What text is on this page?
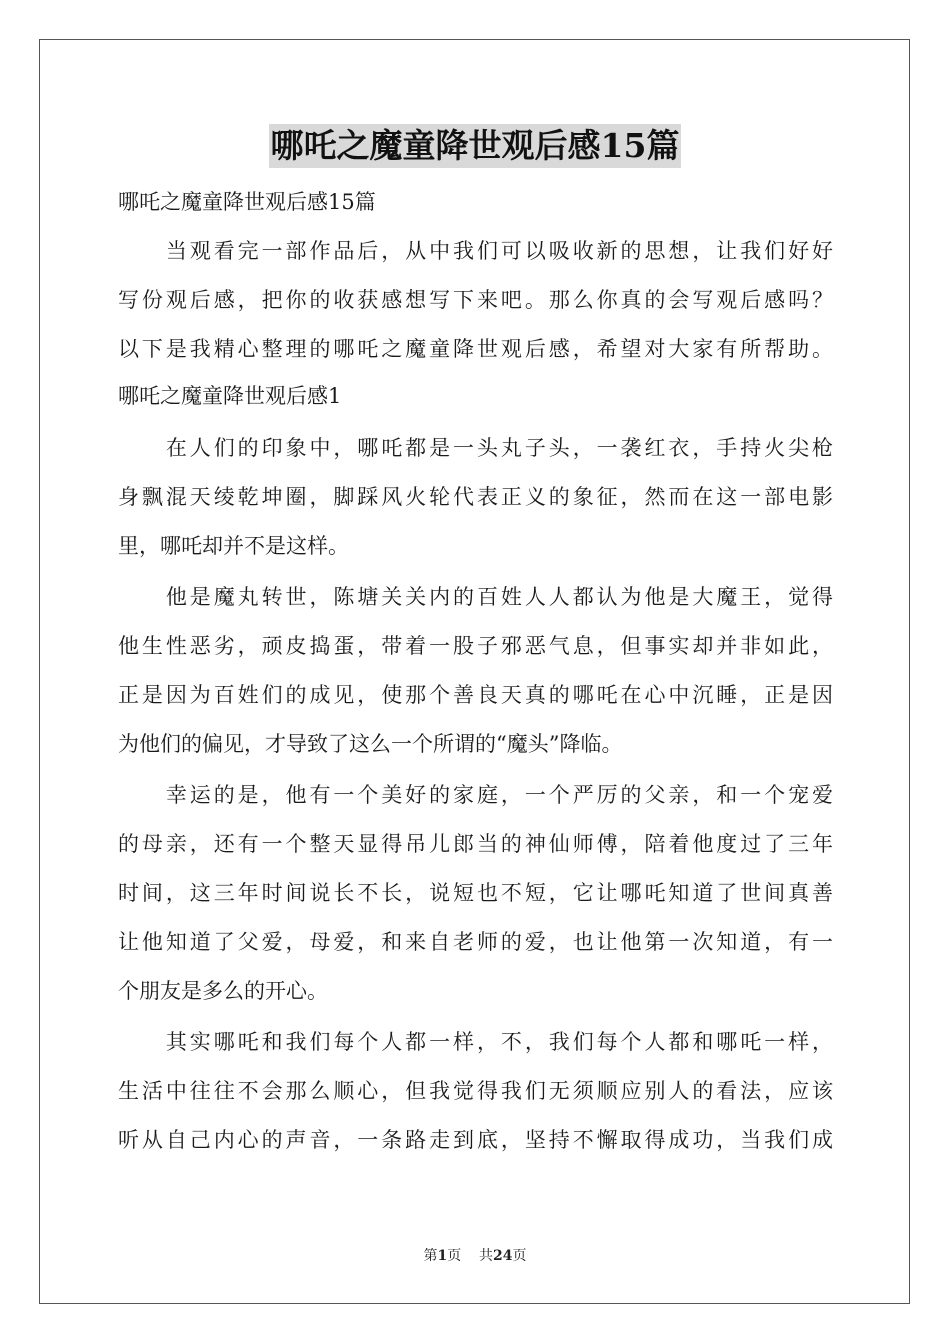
哪吒之魔童降世观后感15篇
哪吒之魔童降世观后感15篇
　　当观看完一部作品后，从中我们可以吸收新的思想，让我们好好
写份观后感，把你的收获感想写下来吧。那么你真的会写观后感吗？
以下是我精心整理的哪吒之魔童降世观后感，希望对大家有所帮助。
哪吒之魔童降世观后感1
　　在人们的印象中，哪吒都是一头丸子头，一袭红衣，手持火尖枪
身飘混天绫乾坤圈，脚踩风火轮代表正义的象征，然而在这一部电影
里，哪吒却并不是这样。
　　他是魔丸转世，陈塘关关内的百姓人人都认为他是大魔王，觉得
他生性恶劣，顽皮捣蛋，带着一股子邪恶气息，但事实却并非如此，
正是因为百姓们的成见，使那个善良天真的哪吒在心中沉睡，正是因
为他们的偏见，才导致了这么一个所谓的“魔头”降临。
　　幸运的是，他有一个美好的家庭，一个严厉的父亲，和一个宠爱
的母亲，还有一个整天显得吊儿郎当的神仙师傅，陪着他度过了三年
时间，这三年时间说长不长，说短也不短，它让哪吒知道了世间真善
让他知道了父爱，母爱，和来自老师的爱，也让他第一次知道，有一
个朋友是多么的开心。
　　其实哪吒和我们每个人都一样，不，我们每个人都和哪吒一样，
生活中往往不会那么顺心，但我觉得我们无须顺应别人的看法，应该
听从自己内心的声音，一条路走到底，坚持不懈取得成功，当我们成
第1页 共24页
